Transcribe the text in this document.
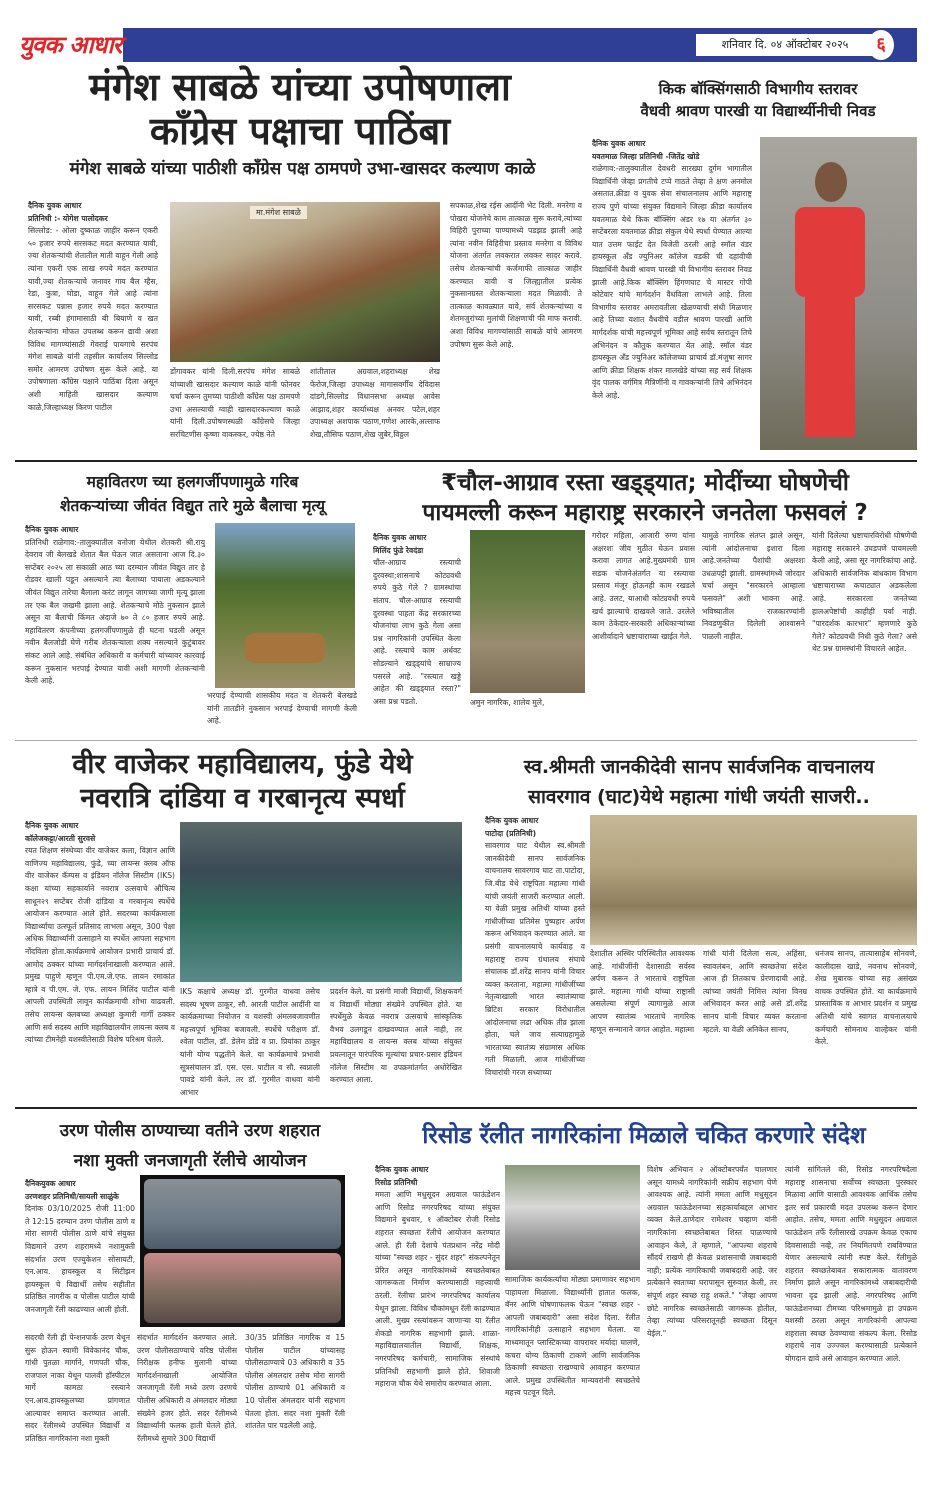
युवक आधार	शनिवार दि. ०४ ऑक्टोबर २०२५	६
मंगेश साबळे यांच्या उपोषणाला
काँग्रेस पक्षाचा पाठिंबा
मंगेश साबळे यांच्या पाठीशी काँग्रेस पक्ष ठामपणे उभा-खासदर कल्याण काळे
दैनिक युवक आधार
प्रतिनिधी :- योगेश पालोदकर
सिल्लोड: - ओला दुष्काळ जाहीर करून एकरी ५० हजार रुपये सरसकट मदत करण्यात यावी, ज्या शेतकऱ्यांची शेतातील माती वाहून गेली आहे त्यांना एकरी एक लाख रुपये मदत करण्यात यावी,ज्या शेतकऱ्याचे जनावर गाय बैल म्हैस, रेडा, कुत्रा, घोडा, वाहून गेले आहे त्यांना सरसकट पन्नास हजार रुपये मदत करण्यात यावी, रब्बी हंगामासाठी बी बियाणे व खत शेतकऱ्यांना मोफत उपलब्ध करून द्यावी अशा विविध मागण्यांसाठी गेवराई पायगाचे सरपंच मंगेश साबळे यांनी तहसील कार्यालय सिल्लोड समोर आमरण उपोषण सुरू केले आहे. या उपोषणाला काँग्रेस पक्षाने पाठिंबा दिला असून अशी माहिती खासदार कल्याण काळे,जिल्हाध्यक्ष किरण पाटील
मा.मंगेश साबळे
डोंगावकर यांनी दिली.सरपंच मंगेश साबळे यांच्याशी खासदार कल्याण काळे यांनी फोनवर चर्चा करून तुमच्या पाठीशी काँग्रेस पक्ष ठामपणे उभा असल्याची ग्वाही खासदारकल्याण काळे यांनी दिली.उपोषणस्थळी काँग्रेसचे जिल्हा सरचिटणीस कृष्णा वाकस्कर, ज्येष्ठ नेते
शांतीलाल अग्रवाल,शहराध्यक्ष शेख फेरोज,जिल्हा उपाध्यक्ष मागासवर्गीय देविदास दांडगे,सिल्लोड विधानसभा अध्यक्ष आवेस आझाद,शहर कार्याध्यक्ष अनवर पटेल,शहर उपाध्यक्ष अशपाक पठाण,गणेश आरके,अल्ताफ शेख,तौसिफ पठाण,शेख जुबेर,विठ्ठल
सपकाळ,शेख रईस आदींनी भेट दिली. मनरेगा व पोखरा योजनेचे काम तात्काळ सुरू करावे,त्यांच्या विहिरी पुराच्या पाण्यामध्ये पडझड झाली आहे त्यांना नवीन विहिरीचा प्रस्ताव मनरेगा व विविध योजना अंतर्गत लवकरात लवकर सादर करावे. तसेच शेतकऱ्यांची कर्जमाफी तात्काळ जाहीर करण्यात यावी व जिल्ह्यातील प्रत्येक नुकसानग्रस्त शेतकऱ्याला मदत मिळावी. ते तात्काळ कावळ्यात यावे, सर्व शेतकऱ्यांच्या व शेतमजुरांच्या मुलांची शिक्षणाची फी माफ करावी. अशा विविध मागण्यांसाठी साबळे यांचे आमरण उपोषण सुरू केले आहे.
किक बॉक्सिंगसाठी विभागीय स्तरावर
वैधवी श्रावण पारखी या विद्यार्थ्यीनीची निवड
दैनिक युवक आधार
यवतमाळ जिल्हा प्रतिनिधी -जितेंद्र खोडे
राळेगाव:-तालुक्यातील देवधरी सारख्या दुर्गम भागातील विद्यार्थिनी जेव्हा प्रगतीचे टप्पे गाठते तेव्हा ते क्षण अनमोल असतात.क्रीडा व युवक सेवा संचालनालय आणि महाराष्ट्र राज्य पुणे यांच्या संयुक्त विद्यमाने जिल्हा क्रीडा कार्यालय यवतमाळ येथे किक बॉक्सिंग अंडर १७ या अंतर्गत ३० सप्टेंबरला यवतमाळ क्रीडा संकुल येथे स्पर्धा घेण्यात आल्या यात उत्तम फाईट देत विजेती ठरली आहे स्मॉल वंडर हायस्कूल अँड ज्युनिअर कॉलेज वडकी ची दहावीची विद्यार्थिनी वैधवी श्रावण पारखी ची विभागीय स्तरावर निवड झाली आहे.किक बॉक्सिंग हिंगणघाट चे मास्टर गोपी कोटेवार यांचे मार्गदर्शन वैधविला लाभले आहे. तिला विभागीय स्तरावर अमरावतीला खेळण्याची संधी मिळणार आहे तिच्या यशात वैधवीचे वडील श्रावण पारखी आणि मार्गदर्शक यांची महत्त्वपूर्ण भूमिका आहे सर्वच स्तरातून तिचे अभिनंदन व कौतुक करण्यात येत आहे. स्मॉल वंडर हायस्कूल अँड ज्युनिअर कॉलेजच्या प्राचार्य डॉ.मंजुषा सागर आणि क्रीडा शिक्षक शंकर मालखेडे यांच्या सह सर्व शिक्षक वृंद पालक वर्गमित्र मैत्रिणींनी व गावकऱ्यांनी तिचे अभिनंदन केले आहे.
महावितरण च्या हलगर्जीपणामुळे गरिब
शेतकऱ्यांच्या जीवंत विद्युत तारे मुळे बैलाचा मृत्यू
दैनिक युवक आधार
प्रतिनिधी राळेगाव:-तालुक्यातील वनोजा येथील शेतकरी श्री.रायु देवराव जी बेलखडे शेतात बैल घेऊन जात असताना आज दि.३० सप्टेंबर २०२५ ला सकाळी आठ च्या दरम्यान जीवंत विद्युत तार हे रोडवर खाली पडून असल्याने त्या बैलाच्या पायाला अडकल्याने जीवंत विद्युत तारेचा बैलाला करंट लागून जागच्या जागी मृत्यू झाला तर एक बैल जखमी झाला आहे. शेतकऱ्याचे मोठे नुकसान झाले असून या बैलाची किंमत अंदाजे ७० ते ८० हजार रुपये आहे. महावितरण कंपनीच्या हलगर्जीपणामुळे ही घटना घडली असून नवीन बैलजोडी घेणे गरीब शेतकऱ्याला शक्य नसल्याने कुटुंबावर संकट आले आहे. संबंधित अधिकारी व कर्मचारी यांच्यावर कारवाई करून नुकसान भरपाई देण्यात यावी अशी मागणी शेतकऱ्यांनी केली आहे.
भरपाई देण्याची शासकीय मदत व शेतकरी बेलखडे यांनी तातडीने नुकसान भरपाई देण्याची मागणी केली आहे.
₹चौल-आग्राव रस्ता खड्ड्यात; मोदींच्या घोषणेची
पायमल्ली करून महाराष्ट्र सरकारने जनतेला फसवलं ?
दैनिक युवक आधार
मिलिंद फुंडे रेवदंडा
चौल-आग्राव रस्त्याची दुरवस्था;शासनाचे कोट्यवधी रुपये कुठे गेले ? ग्रामस्थांचा संताप. चौल-आग्राव रस्त्याची दुरवस्था पाहता केंद्र सरकारच्या योजनांचा लाभ कुठे गेला असा प्रश्न नागरिकांनी उपस्थित केला आहे. रस्त्याचे काम अर्धवट सोडल्याने खड्ड्यांचे साम्राज्य पसरले आहे. "रस्त्यात खड्डे आहेत की खड्ड्यात रस्ता?" असा प्रश्न पडतो.	अमुन नागरिक, शालेय मुले,
गरोदर महिला, आजारी रुग्ण यांना अक्षरशः जीव मुठीत घेऊन प्रवास करावा लागत आहे.मुख्यमंत्री ग्राम सडक योजनेअंतर्गत या रस्त्याचा प्रस्ताव मंजूर होऊनही काम रखडले आहे. उलट, याआधी कोट्यवधी रुपये खर्च झाल्याचे दाखवले जाते. उरलेले काम ठेकेदार-सरकारी अधिकाऱ्यांच्या आशीर्वादाने भ्रष्टाचाराच्या खाईत गेले.
यामुळे नागरिक संतप्त झाले असून, त्यांनी आंदोलनाचा इशारा दिला आहे.जनतेच्या पैशांची अक्षरशः उधळपट्टी झाली. ग्रामस्थांमध्ये जोरदार चर्चा असून "सरकारने आम्हाला फसवले" अशी भावना आहे. भविष्यातील राजकारण्यांनी निवडणुकीत दिलेली आश्वासने पाळली नाहीत.
यांनी दिलेल्या भ्रष्टाचारविरोधी घोषणेची महाराष्ट्र सरकारने उघडपणे पायमल्ली केली आहे, असा सूर नागरिकांचा आहे. अधिकारी सार्वजनिक बांधकाम विभाग भ्रष्टाचाराच्या कचाट्यात अडकलेला आहे. सरकारला जनतेच्या हालअपेष्टांची काहीही पर्वा नाही. "पारदर्शक कारभार" म्हणणारे कुठे गेले? कोट्यवधी निधी कुठे गेला? असे थेट प्रश्न ग्रामस्थांनी विचारले आहेत.
वीर वाजेकर महाविद्यालय, फुंडे येथे
नवरात्रि दांडिया व गरबानृत्य स्पर्धा
दैनिक युवक आधार
कॉलेजकट्टा/आरती सुरवसे
रयत शिक्षण संस्थेच्या वीर वाजेकर कला, विज्ञान आणि वाणिज्य महाविद्यालय, फुंडे, च्या लायन्स क्लब ऑफ वीर वाजेकर कॅम्पस व इंडियन नॉलेज सिस्टीम (IKS) कक्षा यांच्या सहकार्याने नवरात्र उत्सवाचे औचित्य साधून२९ सप्टेंबर रोजी दांडिया व गरबानृत्य स्पर्धेचे आयोजन करण्यात आले होते. सदरच्या कार्यक्रमाला विद्यार्थ्यांचा उत्स्फूर्त प्रतिसाद लाभला असून, 300 पेक्षा अधिक विद्यार्थ्यांनी उत्साहाने या स्पर्धेत आपला सहभाग नोंदविला होता.कार्यक्रमाचे आयोजन प्रभारी प्राचार्य डॉ. आमोद ठक्कर यांच्या मार्गदर्शनाखाली करण्यात आले. प्रमुख पाहुणे म्हणून पी.एम.जे.एफ. लायन रमाकांत म्हात्रे व पी.एम. जे. एफ. लायन मिलिंद पाटील यांनी आपली उपस्थिती लावून कार्यक्रमाची शोभा वाढवली. तसेच लायन्स क्लबच्या अध्यक्षा कुमारी गार्गी ठक्कर आणि सर्व सदस्य आणि महाविद्यालयीन लायन्स क्लब व त्यांच्या टीमनेही यशस्वीतेसाठी विशेष परिश्रम घेतले.
IKS कक्षाचे अध्यक्ष डॉ. गुरमीत वाधवा तसेच सदस्य भूषण ठाकूर, सौ. आरती पाटील आदींनी या कार्यक्रमाच्या नियोजन व यशस्वी अंमलबजावणीत महत्त्वपूर्ण भूमिका बजावली. स्पर्धेचे परीक्षण डॉ. श्वेता पाटील, डॉ. डेलेम डोंडे व प्रा. प्रियांका ठाकूर यांनी योग्य पद्धतीने केले. या कार्यक्रमाचे प्रभावी सूत्रसंचालन डॉ. एस. एस. पाटील व सौ. स्वप्नाली पावडे यांनी केले. तर डॉ. गुरमीत वाधवा यांनी आभार
प्रदर्शन केले. या प्रसंगी माजी विद्यार्थी, शिक्षकवर्ग व विद्यार्थी मोठ्या संख्येने उपस्थित होते. या स्पर्धेमुळे केवळ नवरात्र उत्सवाचे सांस्कृतिक वैभव उलगडून दाखवण्यात आले नाही, तर महाविद्यालय व लायन्स क्लब यांच्या संयुक्त प्रयत्नातून पारंपरिक मूल्यांचा प्रचार-प्रसार इंडियन नॉलेज सिस्टीम या उपक्रमांतर्गत अधोरेखित करण्यात आला.
स्व.श्रीमती जानकीदेवी सानप सार्वजनिक वाचनालय
सावरगाव (घाट)येथे महात्मा गांधी जयंती साजरी..
दैनिक युवक आधार
पाटोदा (प्रतिनिधी)
सावरगाव घाट येथील स्व.श्रीमती जानकीदेवी सानप सार्वजनिक वाचनालय सावरगाव घाट ता.पाटोदा, जि.बीड येथे राष्ट्रपिता महात्मा गांधी यांची जयंती साजरी करण्यात आली. या वेळी प्रमुख अतिथी यांच्या हस्ते गांधीजींच्या प्रतिमेस पुष्पहार अर्पण करून अभिवादन करण्यात आले. या प्रसंगी वाचनालयाचे कार्यवाह व महाराष्ट्र राज्य ग्रंथालय संघाचे संचालक डॉ.शरेंद्र सानप यांनी विचार व्यक्त करताना, महात्मा गांधीजींच्या नेतृत्वाखाली भारत स्वातंत्र्याचा ब्रिटिश सरकार विरोधातील आंदोलनाचा लढा अधिक तीव्र झाला होता, चले जाव सत्याग्रहामुळे भारताच्या स्वातंत्र्य संग्रामास अधिक गती मिळाली. आज गांधीजींच्या विचारांची गरज सध्याच्या
देशातील अस्थिर परिस्थितीत आवश्यक आहे. गांधीजींनी देशासाठी सर्वस्व अर्पण करून ते भारताचे राष्ट्रपिता झाले. महात्मा गांधी यांच्या राष्ट्रासी असलेल्या संपूर्ण त्यागामुळे आज आपण स्वातंत्र्य भारताचे नागरिक म्हणून सन्मानाने जगत आहोत. महात्मा
गांधी यांनी दिलेला सत्य, अहिंसा, स्वावलंबन, आणि स्वच्छतेचा संदेश आज ही तितकाच प्रेरणादायी आहे. त्यांच्या जयंती निमित्त त्यांना विनम्र अभिवादन करत आहे असे डॉ.शरेंद्र सानप यांनी विचार व्यक्त करताना म्हटले. या वेळी अनिकेत सानप,
धनंजय सानप, तात्यासाहेब सोनवणे, कालीदास खाडे, नवनाथ सोनवणे, शेख मुबारक यांच्या सह असंख्य वाचक उपस्थित होते. या कार्यक्रमाचे प्रास्ताविक व आभार प्रदर्शन व प्रमुख अतिथी यांचे स्वागत वाचनालयाचे कर्मचारी सोमनाथ वाल्हेकर यांनी केले.
उरण पोलीस ठाण्याच्या वतीने उरण शहरात
नशा मुक्ती जनजागृती रॅलीचे आयोजन
दैनिकयुवक आधार
उरणशहर प्रतिनिधी/सायली साळुंके
दिनांक 03/10/2025 रोजी 11:00 ते 12:15 दरम्यान उरण पोलीस ठाणे व मोरा सागरी पोलीस ठाणे यांचे संयुक्त विद्यमाने उरण शहरामध्ये नशामुक्ती संदर्भात उरण एज्युकेशन सोसायटी, एन.आय. हायस्कूल व सिटीझन हायस्कूल चे विद्यार्थी तसेच सहीतीत प्रतिष्ठित नागरीक व पोलीस पाटील यांची जनजागृती रॅली काढण्यात आली होती.
सदरची रॅली ही पेन्शनपार्क उरण येथून सुरू होऊन स्वामी विवेकानंद चौक, गांधी पुतळा मार्गाने, गणपती चौक, राजपाल नाका येथून पालवी हॉस्पीटल मार्गे कामठा रस्त्याने एन.आय.हायस्कूलच्या प्रांगणात आल्यावर समाप्त करण्यात आली. सदर रॅलीमध्ये उपस्थित विद्यार्थी व प्रतिष्ठित नागरिकांना नशा मुक्ती
संदर्भात मार्गदर्शन करण्यात आले. उरण पोलीसठाण्याचे वरिष्ठ पोलीस निरीक्षक हनीफ मुलानी यांच्या मार्गदर्शनाखाली आयोजित जनजागृती रॅली मध्ये उरण उरणचे पोलीस अधिकारी व अंमलदार मोठ्या संख्येने हजर होते. सदर रॅलीमध्ये विद्यार्थ्यांनी फलक हाती घेतले होते. रॅलीमध्ये सुमारे 300 विद्यार्थी
30/35 प्रतिष्ठित नागरिक व 15 पोलीस पाटील यांच्यासह पोलीसठाण्याचे 03 अधिकारी व 35 पोलीस अंमलदार तसेच मोरा सागरी पोलीस ठाण्याचे 01 अधिकारी व 10 पोलीस अंमलदार यांनी सहभाग घेतला होता. सदर नशा मुक्ती रॅली शांततेत पार पडलेली आहे.
रिसोड रॅलीत नागरिकांना मिळाले चकित करणारे संदेश
दैनिक युवक आधार
रिसोड प्रतिनिधी
ममता आणि मधुसूदन अग्रवाल फाऊंडेशन आणि रिसोड नगरपरिषद यांच्या संयुक्त विद्यमाने बुधवार, १ ऑक्टोबर रोजी रिसोड शहरात स्वच्छता रॅलीचे आयोजन करण्यात आले. ही रॅली देशाचे पंतप्रधान नरेंद्र मोदी यांच्या "स्वच्छ शहर - सुंदर शहर" संकल्पनेतून प्रेरित असून नागरिकांमध्ये स्वच्छतेबाबत जागरूकता निर्माण करण्यासाठी महत्त्वाची ठरली. रॅलीचा प्रारंभ नगरपरिषद कार्यालय येथून झाला. विविध चौकांमधून रॅली काढण्यात आली. मुख्य रस्त्यांवरून जाणाऱ्या या रॅलीत शेकडो नागरिक सहभागी झाले. शाळा-महाविद्यालयातील विद्यार्थी, शिक्षक, नगरपरिषद कर्मचारी, सामाजिक संस्थांचे प्रतिनिधी सहभागी झाले होते. शिवाजी महाराज चौक येथे समारोप करण्यात आला.
सामाजिक कार्यकर्त्यांचा मोठ्या प्रमाणावर सहभाग पाहायला मिळाला. विद्यार्थ्यांनी हातात फलक, बॅनर आणि घोषणाफलक घेऊन "स्वच्छ शहर - आपली जबाबदारी" असा संदेश दिला. रॅलीत नागरिकांनीही उत्साहाने सहभाग घेतला. या माध्यमातून प्लास्टिकच्या वापरावर मर्यादा घालणे, कचरा योग्य ठिकाणी टाकणे आणि सार्वजनिक ठिकाणी स्वच्छता राखण्याचे आवाहन करण्यात आले. प्रमुख उपस्थितीत मान्यवरांनी स्वच्छतेचे महत्त्व पटवून दिले.
विशेष अभियान २ ऑक्टोबरपर्यंत चालणार असून यामध्ये नागरिकांनी सक्रीय सहभाग घेणे आवश्यक आहे. त्यांनी ममता आणि मधुसूदन अग्रवाल फाऊंडेशनच्या सहकार्याबद्दल आभार व्यक्त केले.ठाणेदार रामेश्वर चव्हाण यांनी नागरिकांना स्वच्छतेबाबत शिस्त पाळण्याचे आवाहन केले, ते म्हणाले, "आपल्या शहराचे सौंदर्य राखणे ही केवळ प्रशासनाची जबाबदारी नाही; प्रत्येक नागरिकाची जबाबदारी आहे. जर प्रत्येकाने स्वतःच्या घरापासून सुरुवात केली, तर संपूर्ण शहर स्वच्छ राहू शकते." "जेव्हा आपण छोटे नागरिक स्वच्छतेसाठी जागरूक होतील, तेव्हा त्यांच्या परिसरातूनही स्वच्छता दिसून येईल."
त्यांनी सांगितले की, रिसोड नगरपरिषदेला महाराष्ट्र शासनाचा सर्वोच्च स्वच्छता पुरस्कार मिळावा आणि यासाठी आवश्यक आर्थिक तसेच इतर सर्व प्रकारची मदत उपलब्ध करून देणार आहोत. तसेच, ममता आणि मधुसूदन अग्रवाल फाऊंडेशन तर्फे रॅलीसारखे उपक्रम केवळ एकाच दिवसासाठी नव्हे, तर नियमितपणे राबविण्यात येणार असल्याचे त्यांनी स्पष्ट केले. रॅलीमुळे शहरात स्वच्छतेबाबत सकारात्मक वातावरण निर्माण झाले असून नागरिकांमध्ये जबाबदारीची भावना दृढ झाली आहे. नगरपरिषद आणि फाऊंडेशनच्या टीमच्या परिश्रमामुळे हा उपक्रम यशस्वी ठरला असून नागरिकांनी आपल्या शहराला स्वच्छ ठेवण्याचा संकल्प केला. रिसोड शहराचे नाव उज्ज्वल करण्यासाठी प्रत्येकाने योगदान द्यावे असे आवाहन करण्यात आले.
